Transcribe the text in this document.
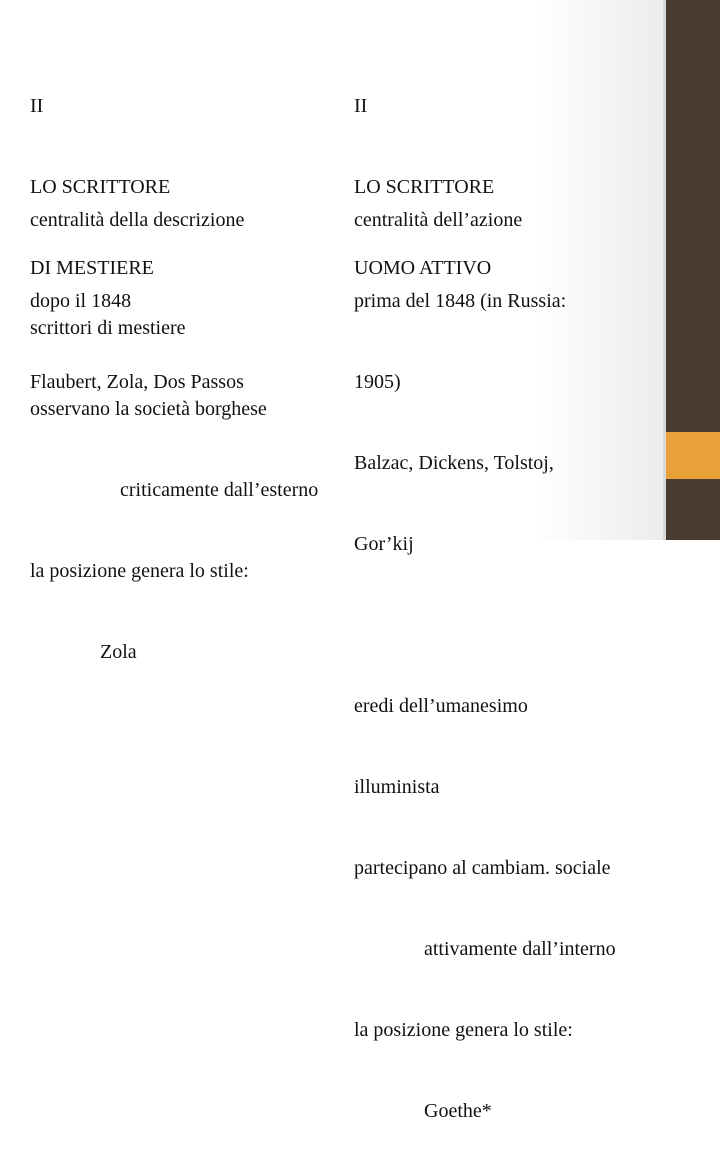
II

LO SCRITTORE

DI MESTIERE

centralità della descrizione

dopo il 1848

Flaubert, Zola, Dos Passos

scrittori di mestiere

osservano la società borghese

criticamente dall’esterno

la posizione genera lo stile:

Zola

II

LO SCRITTORE

UOMO ATTIVO

centralità dell’azione

prima del 1848 (in Russia:

1905)

Balzac, Dickens, Tolstoj,

Gor’kij

eredi dell’umanesimo

illuminista

partecipano al cambiam. sociale

attivamente dall’interno

la posizione genera lo stile:

Goethe*
